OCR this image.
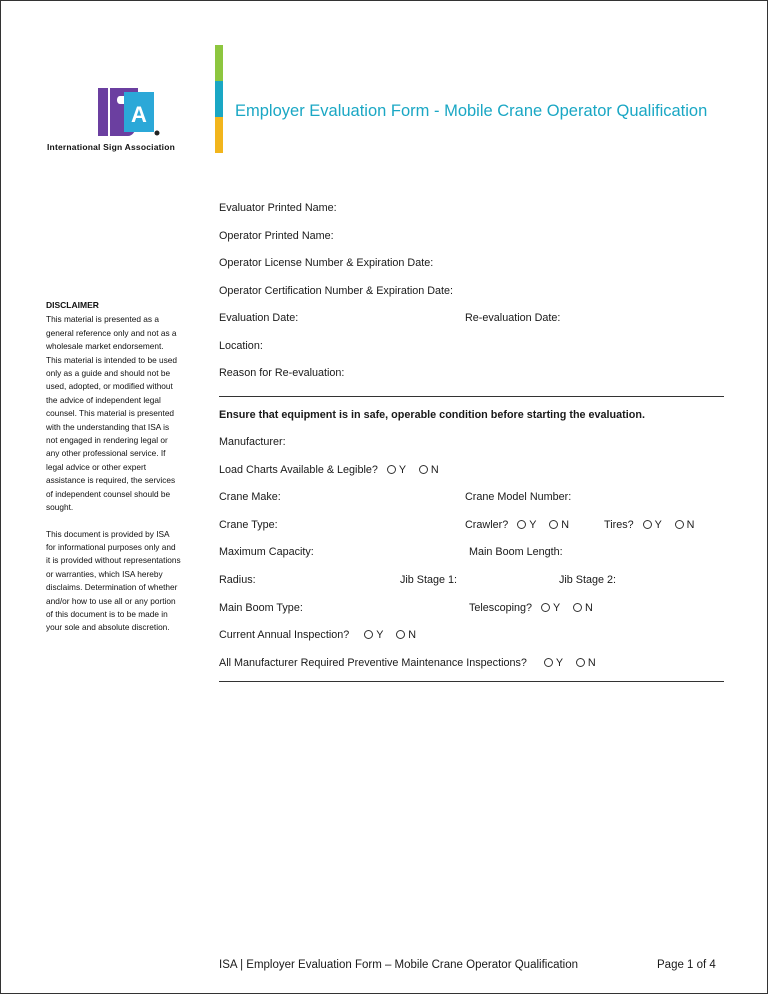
A
International Sign Association
Employer Evaluation Form - Mobile Crane Operator Qualification
DISCLAIMER

This material is presented as a general reference only and not as a wholesale market endorsement. This material is intended to be used only as a guide and should not be used, adopted, or modified without the advice of independent legal counsel. This material is presented with the understanding that ISA is not engaged in rendering legal or any other professional service. If legal advice or other expert assistance is required, the services of independent counsel should be sought.

This document is provided by ISA for informational purposes only and it is provided without representations or warranties, which ISA hereby disclaims. Determination of whether and/or how to use all or any portion of this document is to be made in your sole and absolute discretion.

Evaluator Printed Name:
Operator Printed Name:
Operator License Number & Expiration Date:
Operator Certification Number & Expiration Date:
Evaluation Date:	Re-evaluation Date:
Location:
Reason for Re-evaluation:
Ensure that equipment is in safe, operable condition before starting the evaluation.
Manufacturer:
Load Charts Available & Legible? Y N
Crane Make:	Crane Model Number:
Crane Type:	Crawler? Y N	Tires? Y N
Maximum Capacity:	Main Boom Length:
Radius:	Jib Stage 1:	Jib Stage 2:
Main Boom Type:	Telescoping? Y N
Current Annual Inspection?	Y N
All Manufacturer Required Preventive Maintenance Inspections?	Y N
ISA | Employer Evaluation Form – Mobile Crane Operator Qualification	Page 1 of 4
